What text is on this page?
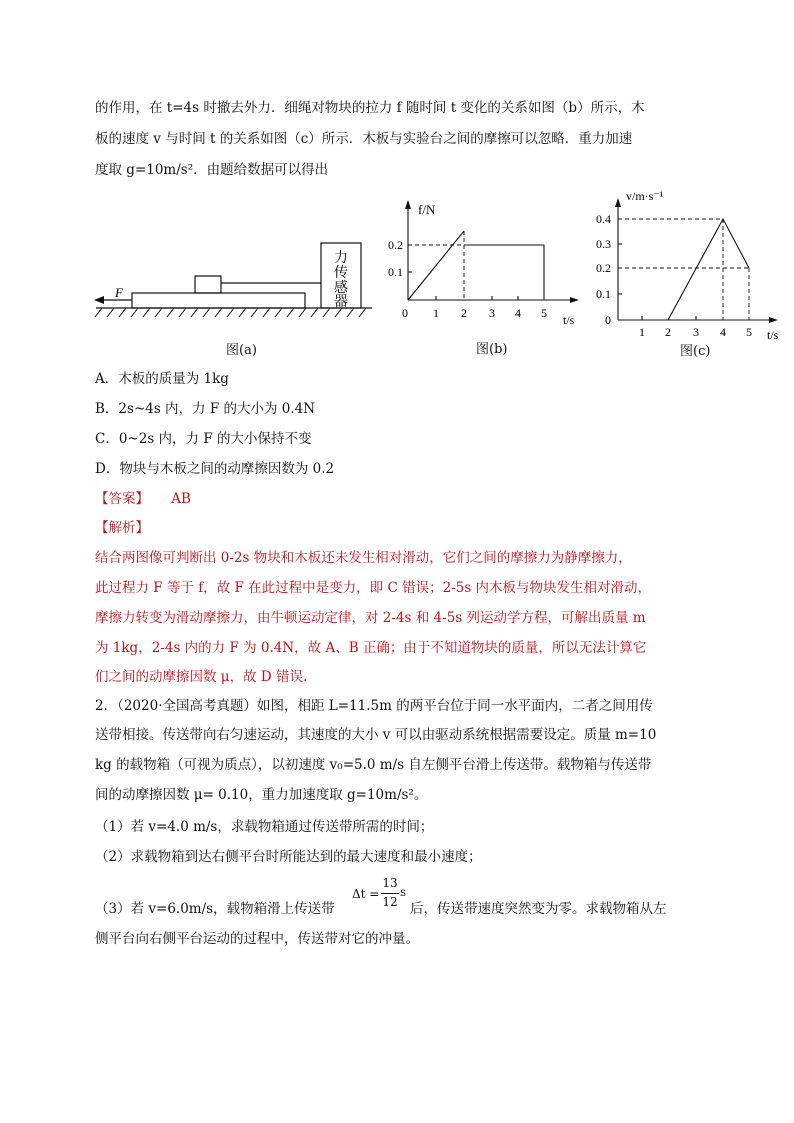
的作用，在 t=4s 时撤去外力．细绳对物块的拉力 f 随时间 t 变化的关系如图（b）所示，木
板的速度 v 与时间 t 的关系如图（c）所示．木板与实验台之间的摩擦可以忽略．重力加速
度取 g=10m/s²．由题给数据可以得出
F
力
传
感
器
图(a)
f/N
0.2
0.1
0 1 2 3 4 5 t/s
图(b)
v/m·s⁻¹
0.4
0.3
0.2
0.1
0
1 2 3 4 5 t/s
图(c)
A．木板的质量为 1kg
B．2s~4s 内，力 F 的大小为 0.4N
C．0~2s 内，力 F 的大小保持不变
D．物块与木板之间的动摩擦因数为 0.2
【答案】 AB
【解析】
结合两图像可判断出 0-2s 物块和木板还未发生相对滑动，它们之间的摩擦力为静摩擦力，
此过程力 F 等于 f，故 F 在此过程中是变力，即 C 错误；2-5s 内木板与物块发生相对滑动，
摩擦力转变为滑动摩擦力，由牛顿运动定律，对 2-4s 和 4-5s 列运动学方程，可解出质量 m
为 1kg，2-4s 内的力 F 为 0.4N，故 A、B 正确；由于不知道物块的质量，所以无法计算它
们之间的动摩擦因数 μ，故 D 错误.
2．（2020·全国高考真题）如图，相距 L=11.5m 的两平台位于同一水平面内，二者之间用传
送带相接。传送带向右匀速运动，其速度的大小 v 可以由驱动系统根据需要设定。质量 m=10
kg 的载物箱（可视为质点），以初速度 v₀=5.0 m/s 自左侧平台滑上传送带。载物箱与传送带
间的动摩擦因数 μ= 0.10，重力加速度取 g=10m/s²。
（1）若 v=4.0 m/s，求载物箱通过传送带所需的时间；
（2）求载物箱到达右侧平台时所能达到的最大速度和最小速度；
（3）若 v=6.0m/s，载物箱滑上传送带
Δt =
13
12
s
后，传送带速度突然变为零。求载物箱从左
侧平台向右侧平台运动的过程中，传送带对它的冲量。
